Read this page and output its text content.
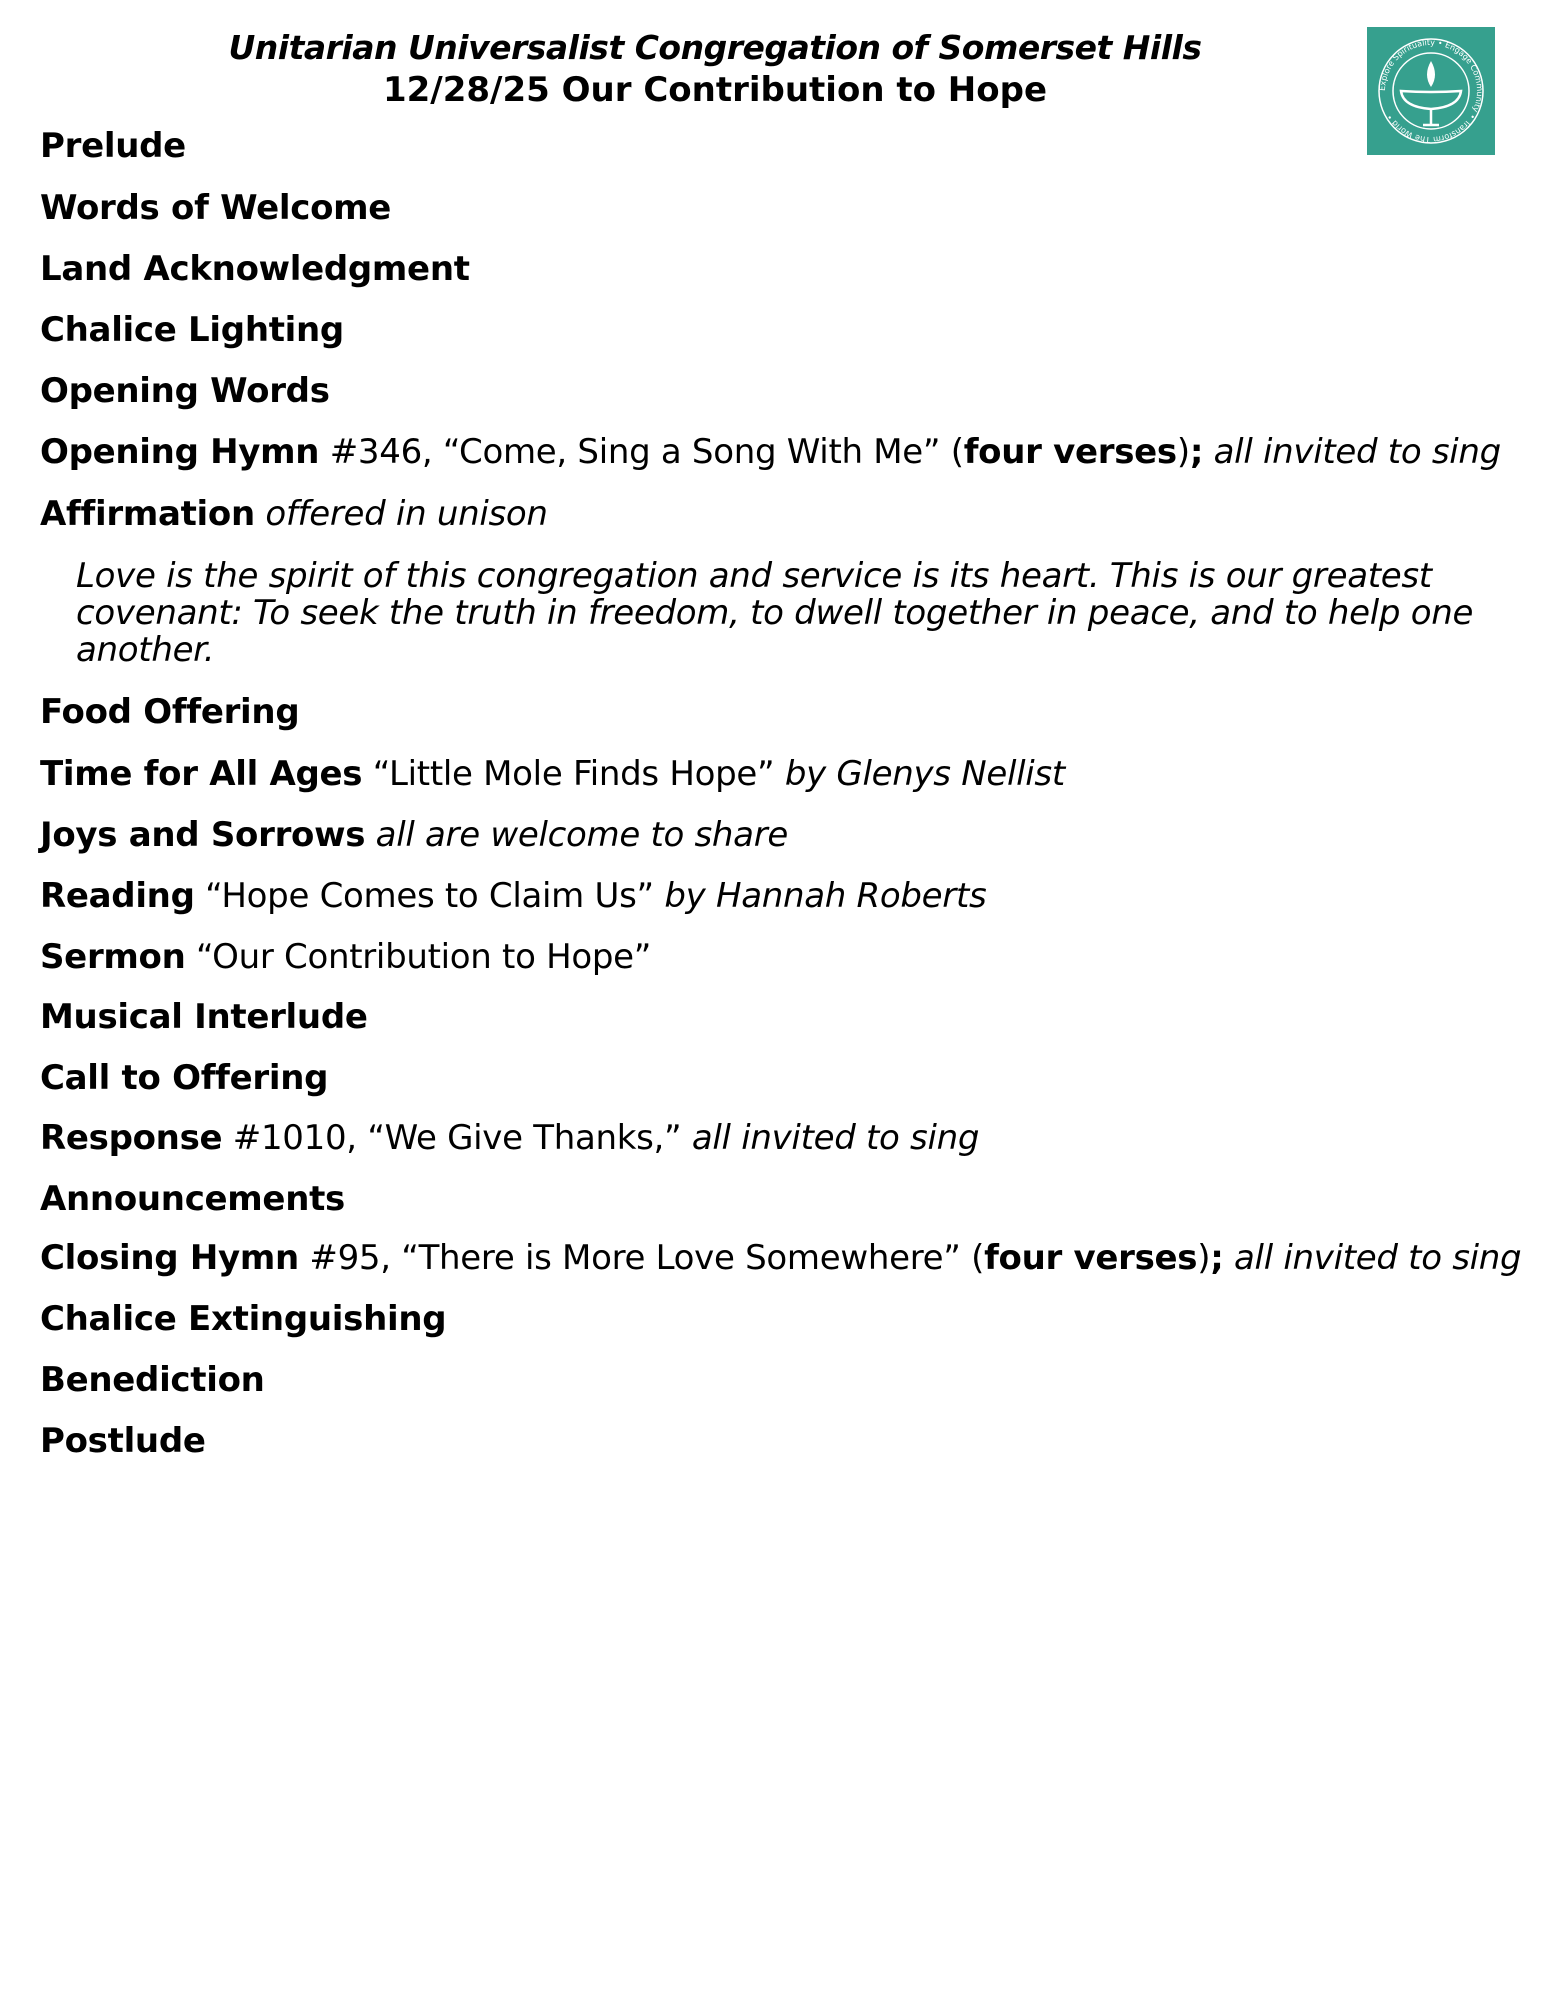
Unitarian Universalist Congregation of Somerset Hills
12/28/25 Our Contribution to Hope	Explore Spirituality • Engage Community • Transform The World •
Prelude
Words of Welcome
Land Acknowledgment
Chalice Lighting
Opening Words
Opening Hymn #346, “Come, Sing a Song With Me” (four verses); all invited to sing
Affirmation offered in unison
Love is the spirit of this congregation and service is its heart. This is our greatest covenant: To seek the truth in freedom, to dwell together in peace, and to help one another.
Food Offering
Time for All Ages “Little Mole Finds Hope” by Glenys Nellist
Joys and Sorrows all are welcome to share
Reading “Hope Comes to Claim Us” by Hannah Roberts
Sermon “Our Contribution to Hope”
Musical Interlude
Call to Offering
Response #1010, “We Give Thanks,” all invited to sing
Announcements
Closing Hymn #95, “There is More Love Somewhere” (four verses); all invited to sing
Chalice Extinguishing
Benediction
Postlude
